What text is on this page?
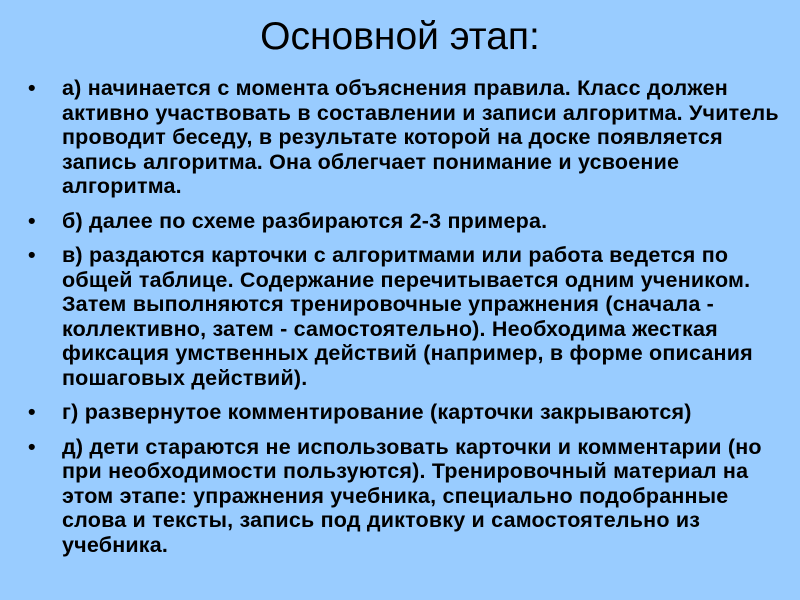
Основной этап:
• а) начинается с момента объяснения правила. Класс должен активно участвовать в составлении и записи алгоритма. Учитель проводит беседу, в результате которой на доске появляется запись алгоритма. Она облегчает понимание и усвоение алгоритма.
• б) далее по схеме разбираются 2-3 примера.
• в) раздаются карточки с алгоритмами или работа ведется по общей таблице. Содержание перечитывается одним учеником. Затем выполняются тренировочные упражнения (сначала - коллективно, затем - самостоятельно). Необходима жесткая фиксация умственных действий (например, в форме описания пошаговых действий).
• г) развернутое комментирование (карточки закрываются)
• д) дети стараются не использовать карточки и комментарии (но при необходимости пользуются). Тренировочный материал на этом этапе: упражнения учебника, специально подобранные слова и тексты, запись под диктовку и самостоятельно из учебника.
